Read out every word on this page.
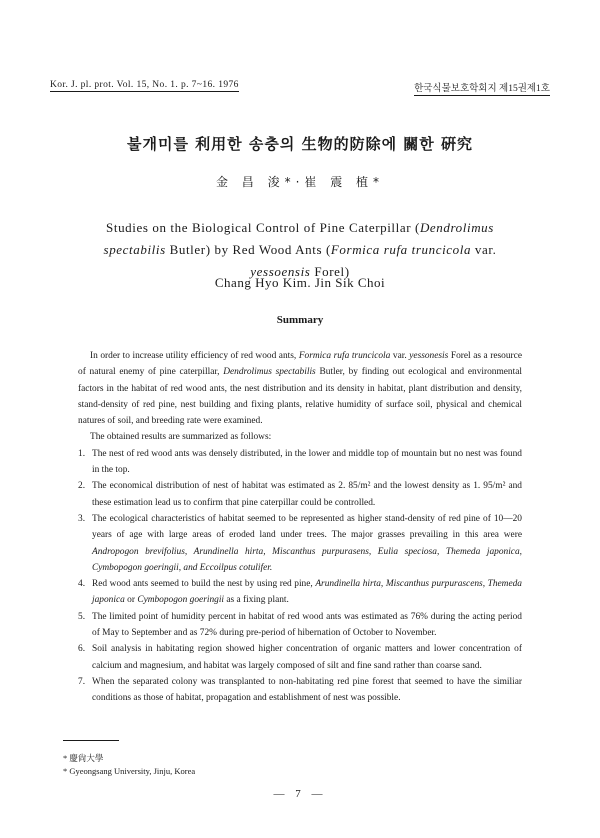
Kor. J. pl. prot. Vol. 15, No. 1. p. 7~16. 1976	한국식물보호학회지 제15권제1호
불개미를 利用한 송충의 生物的防除에 關한 硏究
金 昌 浚*·崔 震 植*
Studies on the Biological Control of Pine Caterpillar (Dendrolimus spectabilis Butler) by Red Wood Ants (Formica rufa truncicola var. yessoensis Forel)
Chang Hyo Kim. Jin Sik Choi
Summary

In order to increase utility efficiency of red wood ants, Formica rufa truncicola var. yessonesis Forel as a resource of natural enemy of pine caterpillar, Dendrolimus spectabilis Butler, by finding out ecological and environmental factors in the habitat of red wood ants, the nest distribution and its density in habitat, plant distribution and density, stand-density of red pine, nest building and fixing plants, relative humidity of surface soil, physical and chemical natures of soil, and breeding rate were examined.

The obtained results are summarized as follows:

1. The nest of red wood ants was densely distributed, in the lower and middle top of mountain but no nest was found in the top.
2. The economical distribution of nest of habitat was estimated as 2. 85/m² and the lowest density as 1. 95/m² and these estimation lead us to confirm that pine caterpillar could be controlled.
3. The ecological characteristics of habitat seemed to be represented as higher stand-density of red pine of 10—20 years of age with large areas of eroded land under trees. The major grasses prevailing in this area were Andropogon brevifolius, Arundinella hirta, Miscanthus purpurasens, Eulia speciosa, Themeda japonica, Cymbopogon goeringii, and Eccoilpus cotulifer.
4. Red wood ants seemed to build the nest by using red pine, Arundinella hirta, Miscanthus purpurascens, Themeda japonica or Cymbopogon goeringii as a fixing plant.
5. The limited point of humidity percent in habitat of red wood ants was estimated as 76% during the acting period of May to September and as 72% during pre-period of hibernation of October to November.
6. Soil analysis in habitating region showed higher concentration of organic matters and lower concentration of calcium and magnesium, and habitat was largely composed of silt and fine sand rather than coarse sand.
7. When the separated colony was transplanted to non-habitating red pine forest that seemed to have the similiar conditions as those of habitat, propagation and establishment of nest was possible.
* 慶尙大學
* Gyeongsang University, Jinju, Korea
— 7 —
